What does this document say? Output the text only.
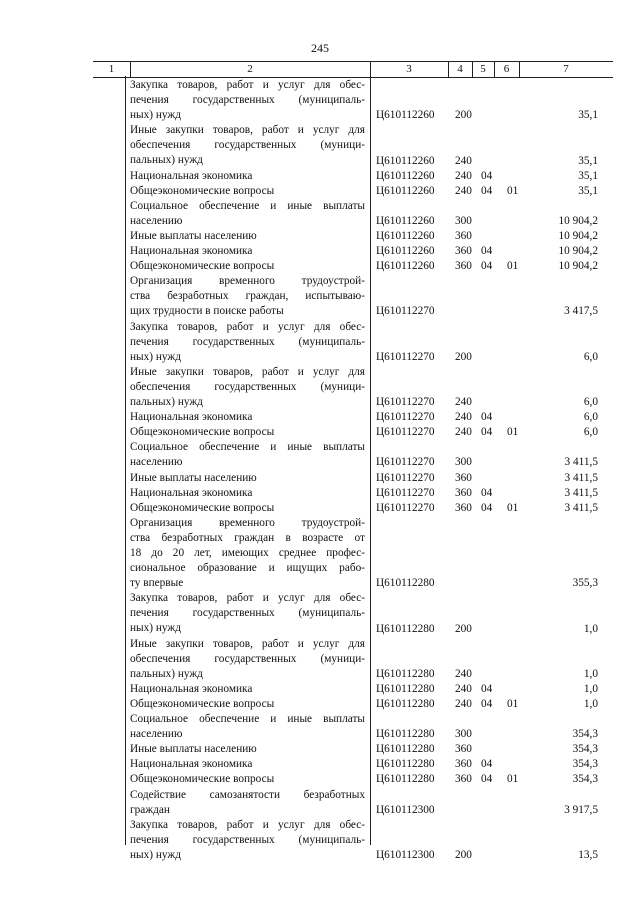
245
1	2	3	4	5	6	7
Закупка товаров, работ и услуг для обес-
печения государственных (муниципаль-
ных) нужд	Ц610112260 200	35,1
Иные закупки товаров, работ и услуг для
обеспечения государственных (муници-
пальных) нужд	Ц610112260 240	35,1
Национальная экономика	Ц610112260 240 04	35,1
Общеэкономические вопросы	Ц610112260 240 04 01	35,1
Социальное обеспечение и иные выплаты
населению	Ц610112260 300	10 904,2
Иные выплаты населению	Ц610112260 360	10 904,2
Национальная экономика	Ц610112260 360 04	10 904,2
Общеэкономические вопросы	Ц610112260 360 04 01	10 904,2
Организация временного трудоустрой-
ства безработных граждан, испытываю-
щих трудности в поиске работы	Ц610112270	3 417,5
Закупка товаров, работ и услуг для обес-
печения государственных (муниципаль-
ных) нужд	Ц610112270 200	6,0
Иные закупки товаров, работ и услуг для
обеспечения государственных (муници-
пальных) нужд	Ц610112270 240	6,0
Национальная экономика	Ц610112270 240 04	6,0
Общеэкономические вопросы	Ц610112270 240 04 01	6,0
Социальное обеспечение и иные выплаты
населению	Ц610112270 300	3 411,5
Иные выплаты населению	Ц610112270 360	3 411,5
Национальная экономика	Ц610112270 360 04	3 411,5
Общеэкономические вопросы	Ц610112270 360 04 01	3 411,5
Организация временного трудоустрой-
ства безработных граждан в возрасте от
18 до 20 лет, имеющих среднее профес-
сиональное образование и ищущих рабо-
ту впервые	Ц610112280	355,3
Закупка товаров, работ и услуг для обес-
печения государственных (муниципаль-
ных) нужд	Ц610112280 200	1,0
Иные закупки товаров, работ и услуг для
обеспечения государственных (муници-
пальных) нужд	Ц610112280 240	1,0
Национальная экономика	Ц610112280 240 04	1,0
Общеэкономические вопросы	Ц610112280 240 04 01	1,0
Социальное обеспечение и иные выплаты
населению	Ц610112280 300	354,3
Иные выплаты населению	Ц610112280 360	354,3
Национальная экономика	Ц610112280 360 04	354,3
Общеэкономические вопросы	Ц610112280 360 04 01	354,3
Содействие самозанятости безработных
граждан	Ц610112300	3 917,5
Закупка товаров, работ и услуг для обес-
печения государственных (муниципаль-
ных) нужд	Ц610112300 200	13,5
